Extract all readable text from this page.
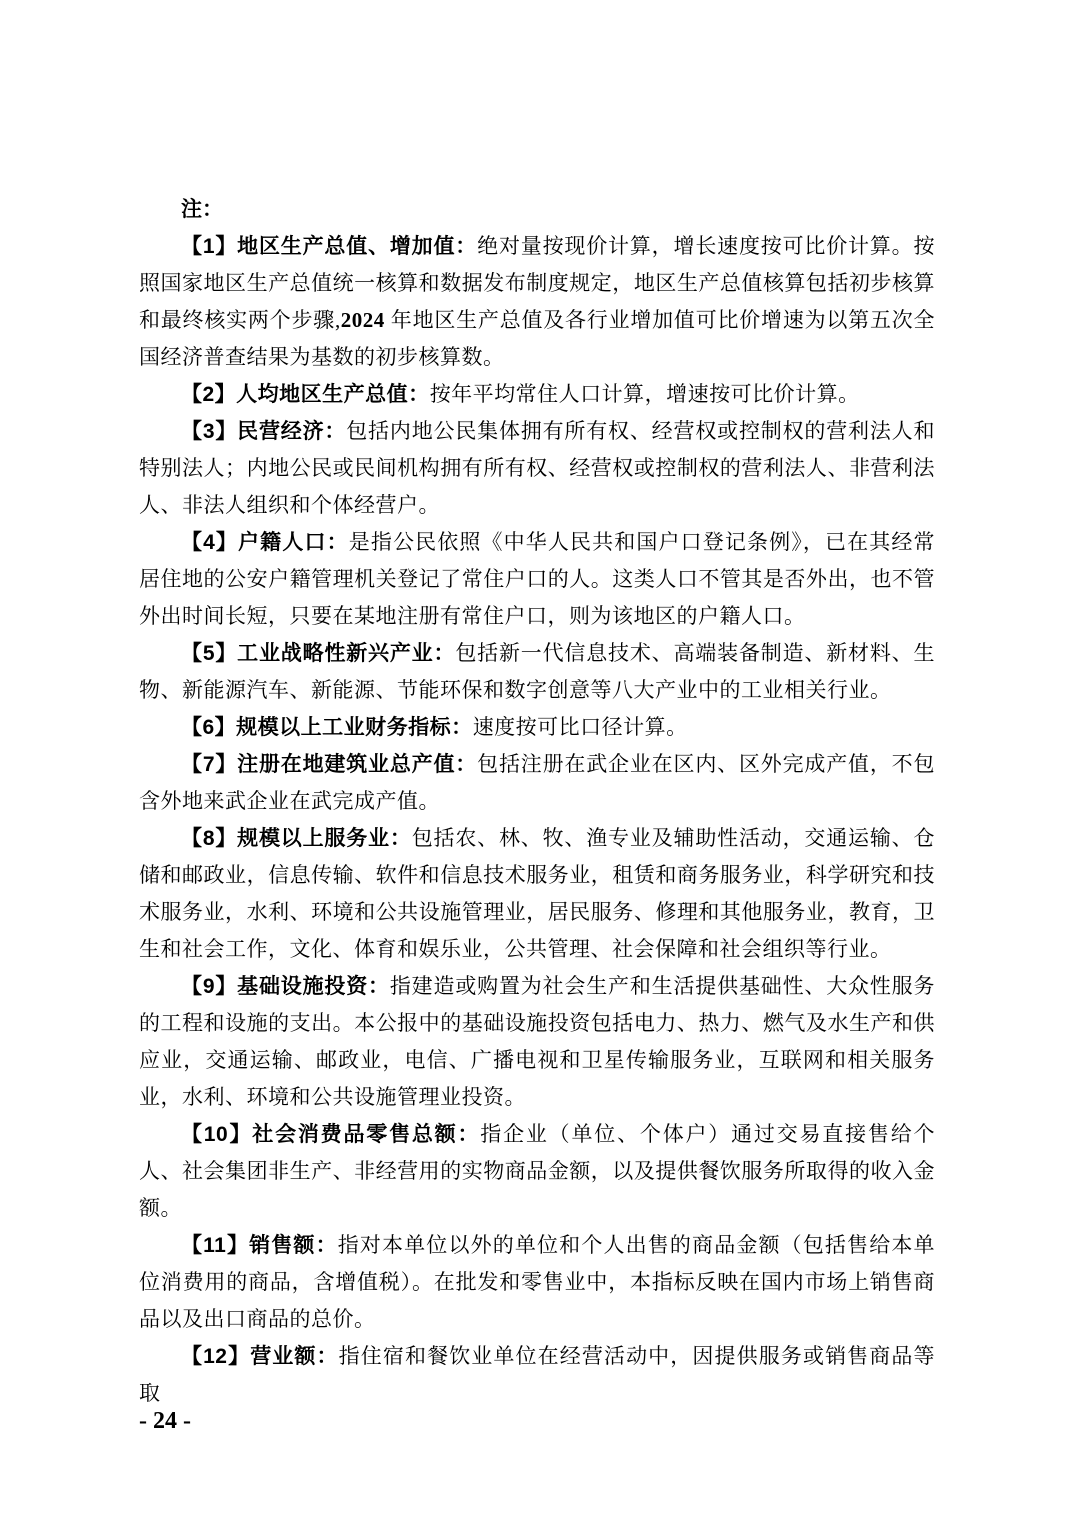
注：

【1】地区生产总值、增加值：绝对量按现价计算，增长速度按可比价计算。按照国家地区生产总值统一核算和数据发布制度规定，地区生产总值核算包括初步核算和最终核实两个步骤,2024 年地区生产总值及各行业增加值可比价增速为以第五次全国经济普查结果为基数的初步核算数。

【2】人均地区生产总值：按年平均常住人口计算，增速按可比价计算。

【3】民营经济：包括内地公民集体拥有所有权、经营权或控制权的营利法人和特别法人；内地公民或民间机构拥有所有权、经营权或控制权的营利法人、非营利法人、非法人组织和个体经营户。

【4】户籍人口：是指公民依照《中华人民共和国户口登记条例》，已在其经常居住地的公安户籍管理机关登记了常住户口的人。这类人口不管其是否外出，也不管外出时间长短，只要在某地注册有常住户口，则为该地区的户籍人口。

【5】工业战略性新兴产业：包括新一代信息技术、高端装备制造、新材料、生物、新能源汽车、新能源、节能环保和数字创意等八大产业中的工业相关行业。

【6】规模以上工业财务指标：速度按可比口径计算。

【7】注册在地建筑业总产值：包括注册在武企业在区内、区外完成产值，不包含外地来武企业在武完成产值。

【8】规模以上服务业：包括农、林、牧、渔专业及辅助性活动，交通运输、仓储和邮政业，信息传输、软件和信息技术服务业，租赁和商务服务业，科学研究和技术服务业，水利、环境和公共设施管理业，居民服务、修理和其他服务业，教育，卫生和社会工作，文化、体育和娱乐业，公共管理、社会保障和社会组织等行业。

【9】基础设施投资：指建造或购置为社会生产和生活提供基础性、大众性服务的工程和设施的支出。本公报中的基础设施投资包括电力、热力、燃气及水生产和供应业，交通运输、邮政业，电信、广播电视和卫星传输服务业，互联网和相关服务业，水利、环境和公共设施管理业投资。

【10】社会消费品零售总额：指企业（单位、个体户）通过交易直接售给个人、社会集团非生产、非经营用的实物商品金额，以及提供餐饮服务所取得的收入金额。

【11】销售额：指对本单位以外的单位和个人出售的商品金额（包括售给本单位消费用的商品，含增值税）。在批发和零售业中，本指标反映在国内市场上销售商品以及出口商品的总价。

【12】营业额：指住宿和餐饮业单位在经营活动中，因提供服务或销售商品等取

- 24 -
